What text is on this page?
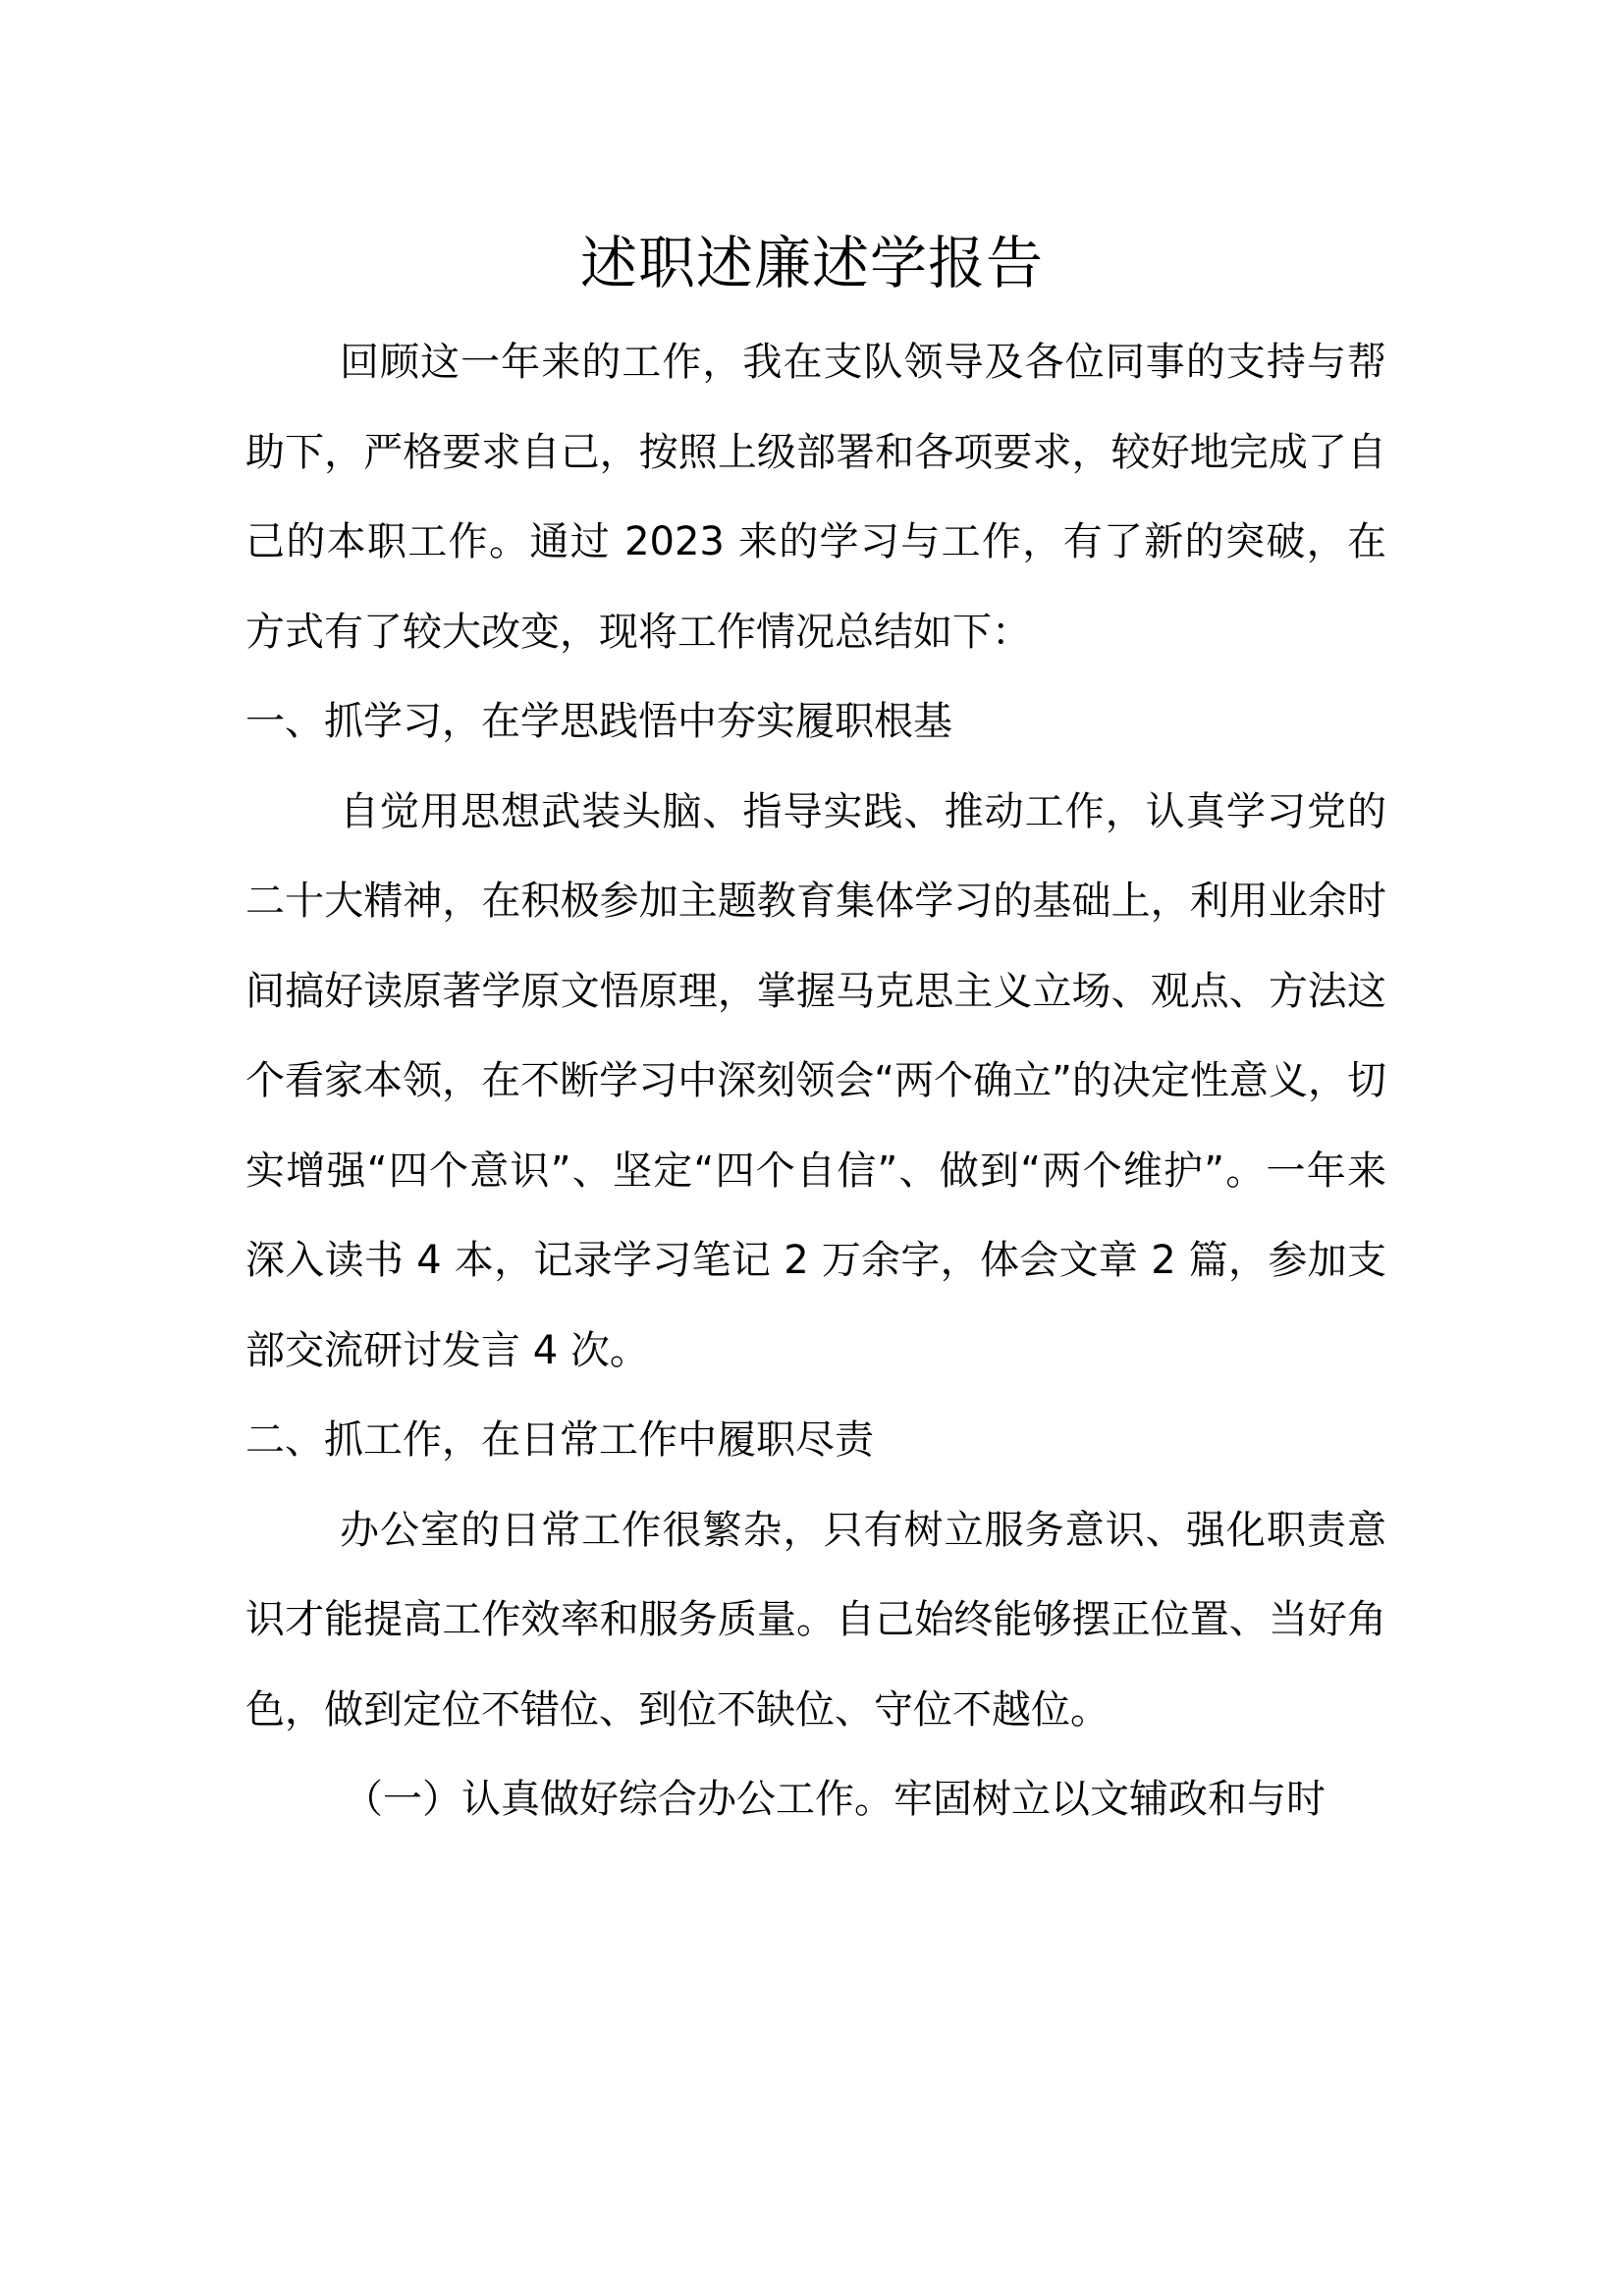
述职述廉述学报告

回顾这一年来的工作，我在支队领导及各位同事的支持与帮助下，严格要求自己，按照上级部署和各项要求，较好地完成了自己的本职工作。通过 2023 来的学习与工作，有了新的突破，在方式有了较大改变，现将工作情况总结如下：

一、抓学习，在学思践悟中夯实履职根基

自觉用思想武装头脑、指导实践、推动工作，认真学习党的二十大精神，在积极参加主题教育集体学习的基础上，利用业余时间搞好读原著学原文悟原理，掌握马克思主义立场、观点、方法这个看家本领，在不断学习中深刻领会“两个确立”的决定性意义，切实增强“四个意识”、坚定“四个自信”、做到“两个维护”。一年来深入读书 4 本，记录学习笔记 2 万余字，体会文章 2 篇，参加支部交流研讨发言 4 次。

二、抓工作，在日常工作中履职尽责

办公室的日常工作很繁杂，只有树立服务意识、强化职责意识才能提高工作效率和服务质量。自己始终能够摆正位置、当好角色，做到定位不错位、到位不缺位、守位不越位。

（一）认真做好综合办公工作。牢固树立以文辅政和与时
